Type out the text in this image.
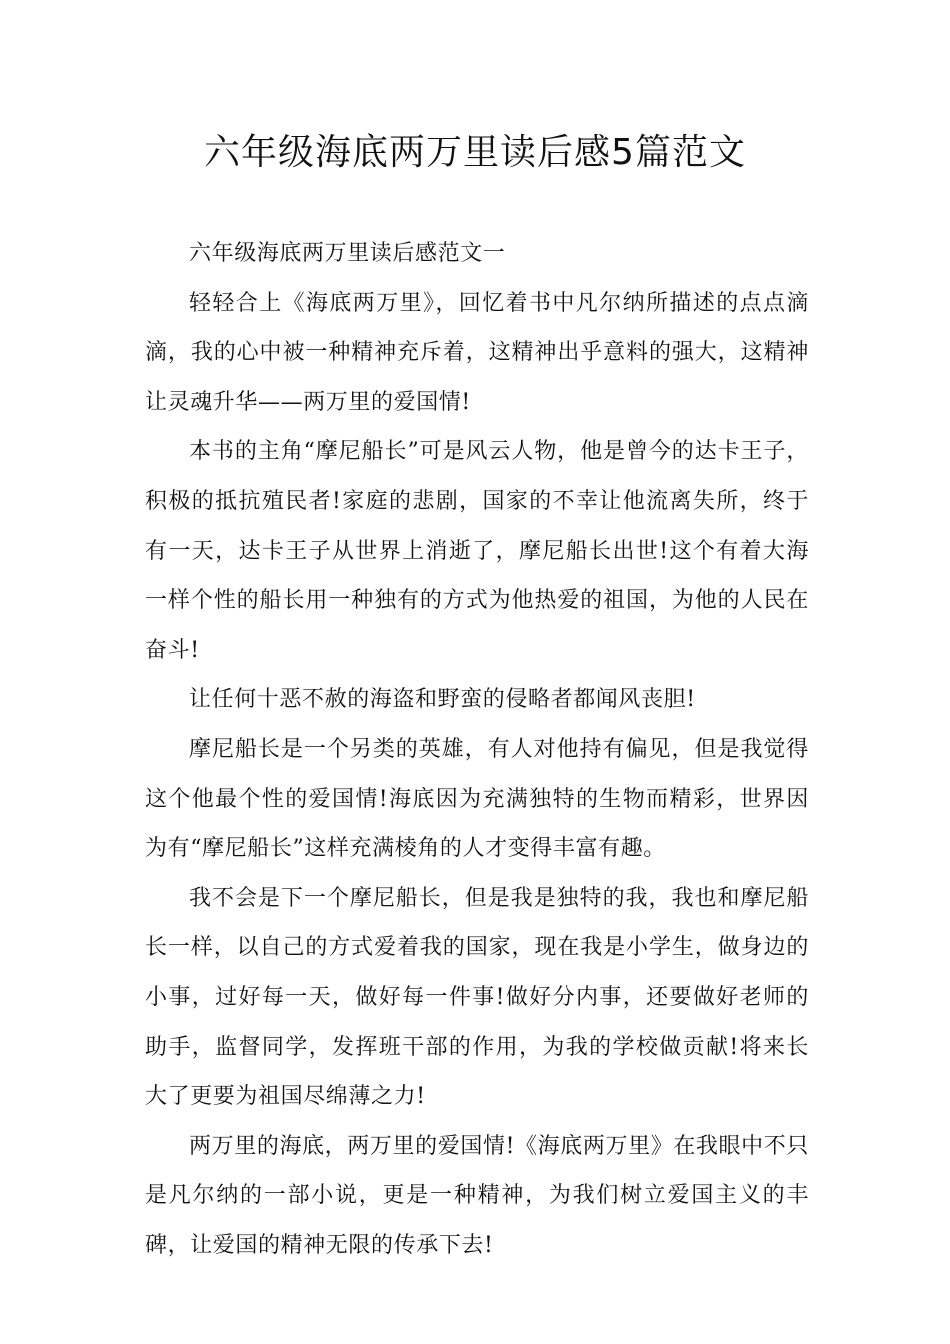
六年级海底两万里读后感5篇范文

六年级海底两万里读后感范文一

轻轻合上《海底两万里》，回忆着书中凡尔纳所描述的点点滴滴，我的心中被一种精神充斥着，这精神出乎意料的强大，这精神让灵魂升华——两万里的爱国情!

本书的主角“摩尼船长”可是风云人物，他是曾今的达卡王子，积极的抵抗殖民者!家庭的悲剧，国家的不幸让他流离失所，终于有一天，达卡王子从世界上消逝了，摩尼船长出世!这个有着大海一样个性的船长用一种独有的方式为他热爱的祖国，为他的人民在奋斗!

让任何十恶不赦的海盗和野蛮的侵略者都闻风丧胆!

摩尼船长是一个另类的英雄，有人对他持有偏见，但是我觉得这个他最个性的爱国情!海底因为充满独特的生物而精彩，世界因为有“摩尼船长”这样充满棱角的人才变得丰富有趣。

我不会是下一个摩尼船长，但是我是独特的我，我也和摩尼船长一样，以自己的方式爱着我的国家，现在我是小学生，做身边的小事，过好每一天，做好每一件事!做好分内事，还要做好老师的助手，监督同学，发挥班干部的作用，为我的学校做贡献!将来长大了更要为祖国尽绵薄之力!

两万里的海底，两万里的爱国情!《海底两万里》在我眼中不只是凡尔纳的一部小说，更是一种精神，为我们树立爱国主义的丰碑，让爱国的精神无限的传承下去!
